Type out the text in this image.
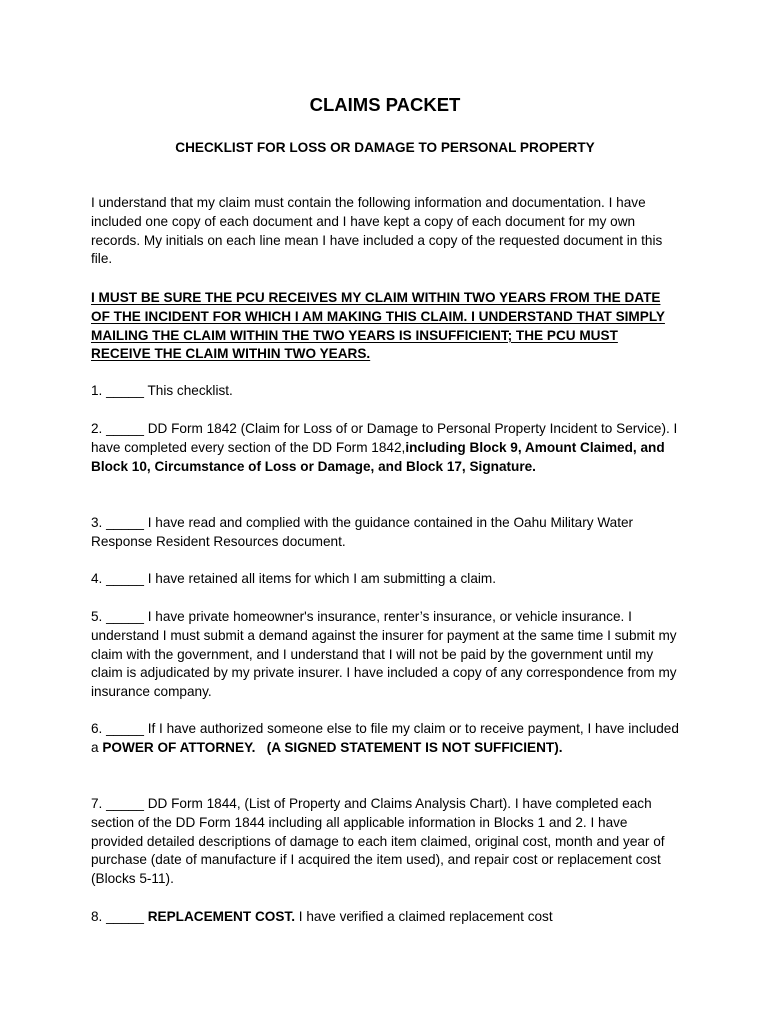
CLAIMS PACKET
CHECKLIST FOR LOSS OR DAMAGE TO PERSONAL PROPERTY

I understand that my claim must contain the following information and documentation. I have included one copy of each document and I have kept a copy of each document for my own records. My initials on each line mean I have included a copy of the requested document in this file.

I MUST BE SURE THE PCU RECEIVES MY CLAIM WITHIN TWO YEARS FROM THE DATE OF THE INCIDENT FOR WHICH I AM MAKING THIS CLAIM. I UNDERSTAND THAT SIMPLY MAILING THE CLAIM WITHIN THE TWO YEARS IS INSUFFICIENT; THE PCU MUST RECEIVE THE CLAIM WITHIN TWO YEARS.

1. _____ This checklist.

2. _____ DD Form 1842 (Claim for Loss of or Damage to Personal Property Incident to Service). I have completed every section of the DD Form 1842,including Block 9, Amount Claimed, and Block 10, Circumstance of Loss or Damage, and Block 17, Signature.

3. _____ I have read and complied with the guidance contained in the Oahu Military Water Response Resident Resources document.

4. _____ I have retained all items for which I am submitting a claim.

5. _____ I have private homeowner's insurance, renter’s insurance, or vehicle insurance. I understand I must submit a demand against the insurer for payment at the same time I submit my claim with the government, and I understand that I will not be paid by the government until my claim is adjudicated by my private insurer. I have included a copy of any correspondence from my insurance company.

6. _____ If I have authorized someone else to file my claim or to receive payment, I have included a POWER OF ATTORNEY.   (A SIGNED STATEMENT IS NOT SUFFICIENT).

7. _____ DD Form 1844, (List of Property and Claims Analysis Chart). I have completed each section of the DD Form 1844 including all applicable information in Blocks 1 and 2. I have provided detailed descriptions of damage to each item claimed, original cost, month and year of purchase (date of manufacture if I acquired the item used), and repair cost or replacement cost (Blocks 5-11).

8. _____ REPLACEMENT COST. I have verified a claimed replacement cost
